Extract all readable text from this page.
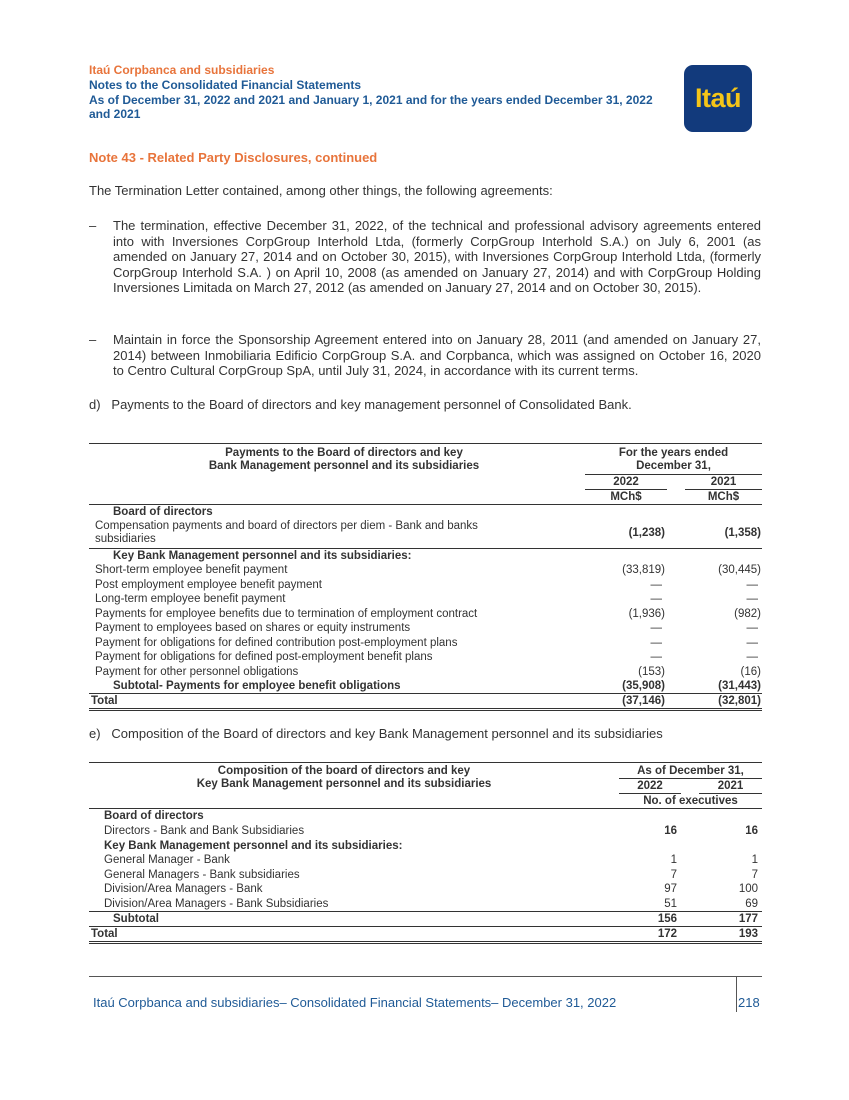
Itaú Corpbanca and subsidiaries
Notes to the Consolidated Financial Statements
As of December 31, 2022 and 2021 and January 1, 2021 and for the years ended December 31, 2022
and 2021
Itaú
Note 43 - Related Party Disclosures, continued
The Termination Letter contained, among other things, the following agreements:
– The termination, effective December 31, 2022, of the technical and professional advisory agreements entered into with Inversiones CorpGroup Interhold Ltda, (formerly CorpGroup Interhold S.A.) on July 6, 2001 (as amended on January 27, 2014 and on October 30, 2015), with Inversiones CorpGroup Interhold Ltda, (formerly CorpGroup Interhold S.A. ) on April 10, 2008 (as amended on January 27, 2014) and with CorpGroup Holding Inversiones Limitada on March 27, 2012 (as amended on January 27, 2014 and on October 30, 2015).
– Maintain in force the Sponsorship Agreement entered into on January 28, 2011 (and amended on January 27, 2014) between Inmobiliaria Edificio CorpGroup S.A. and Corpbanca, which was assigned on October 16, 2020 to Centro Cultural CorpGroup SpA, until July 31, 2024, in accordance with its current terms.
d)   Payments to the Board of directors and key management personnel of Consolidated Bank.
Payments to the Board of directors and key
Bank Management personnel and its subsidiaries
For the years ended
December 31,
2022	2021
MCh$	MCh$
Board of directors
Compensation payments and board of directors per diem - Bank and banks
subsidiaries	(1,238)	(1,358)
Key Bank Management personnel and its subsidiaries:
Short-term employee benefit payment	(33,819)	(30,445)
Post employment employee benefit payment	—	—
Long-term employee benefit payment	—	—
Payments for employee benefits due to termination of employment contract	(1,936)	(982)
Payment to employees based on shares or equity instruments	—	—
Payment for obligations for defined contribution post-employment plans	—	—
Payment for obligations for defined post-employment benefit plans	—	—
Payment for other personnel obligations	(153)	(16)
Subtotal- Payments for employee benefit obligations	(35,908)	(31,443)
Total	(37,146)	(32,801)
e)   Composition of the Board of directors and key Bank Management personnel and its subsidiaries
Composition of the board of directors and key
Key Bank Management personnel and its subsidiaries
As of December 31,
2022	2021
No. of executives
Board of directors
Directors - Bank and Bank Subsidiaries	16	16
Key Bank Management personnel and its subsidiaries:
General Manager - Bank	1	1
General Managers - Bank subsidiaries	7	7
Division/Area Managers - Bank	97	100
Division/Area Managers - Bank Subsidiaries	51	69
Subtotal	156	177
Total	172	193
Itaú Corpbanca and subsidiaries– Consolidated Financial Statements– December 31, 2022	218
